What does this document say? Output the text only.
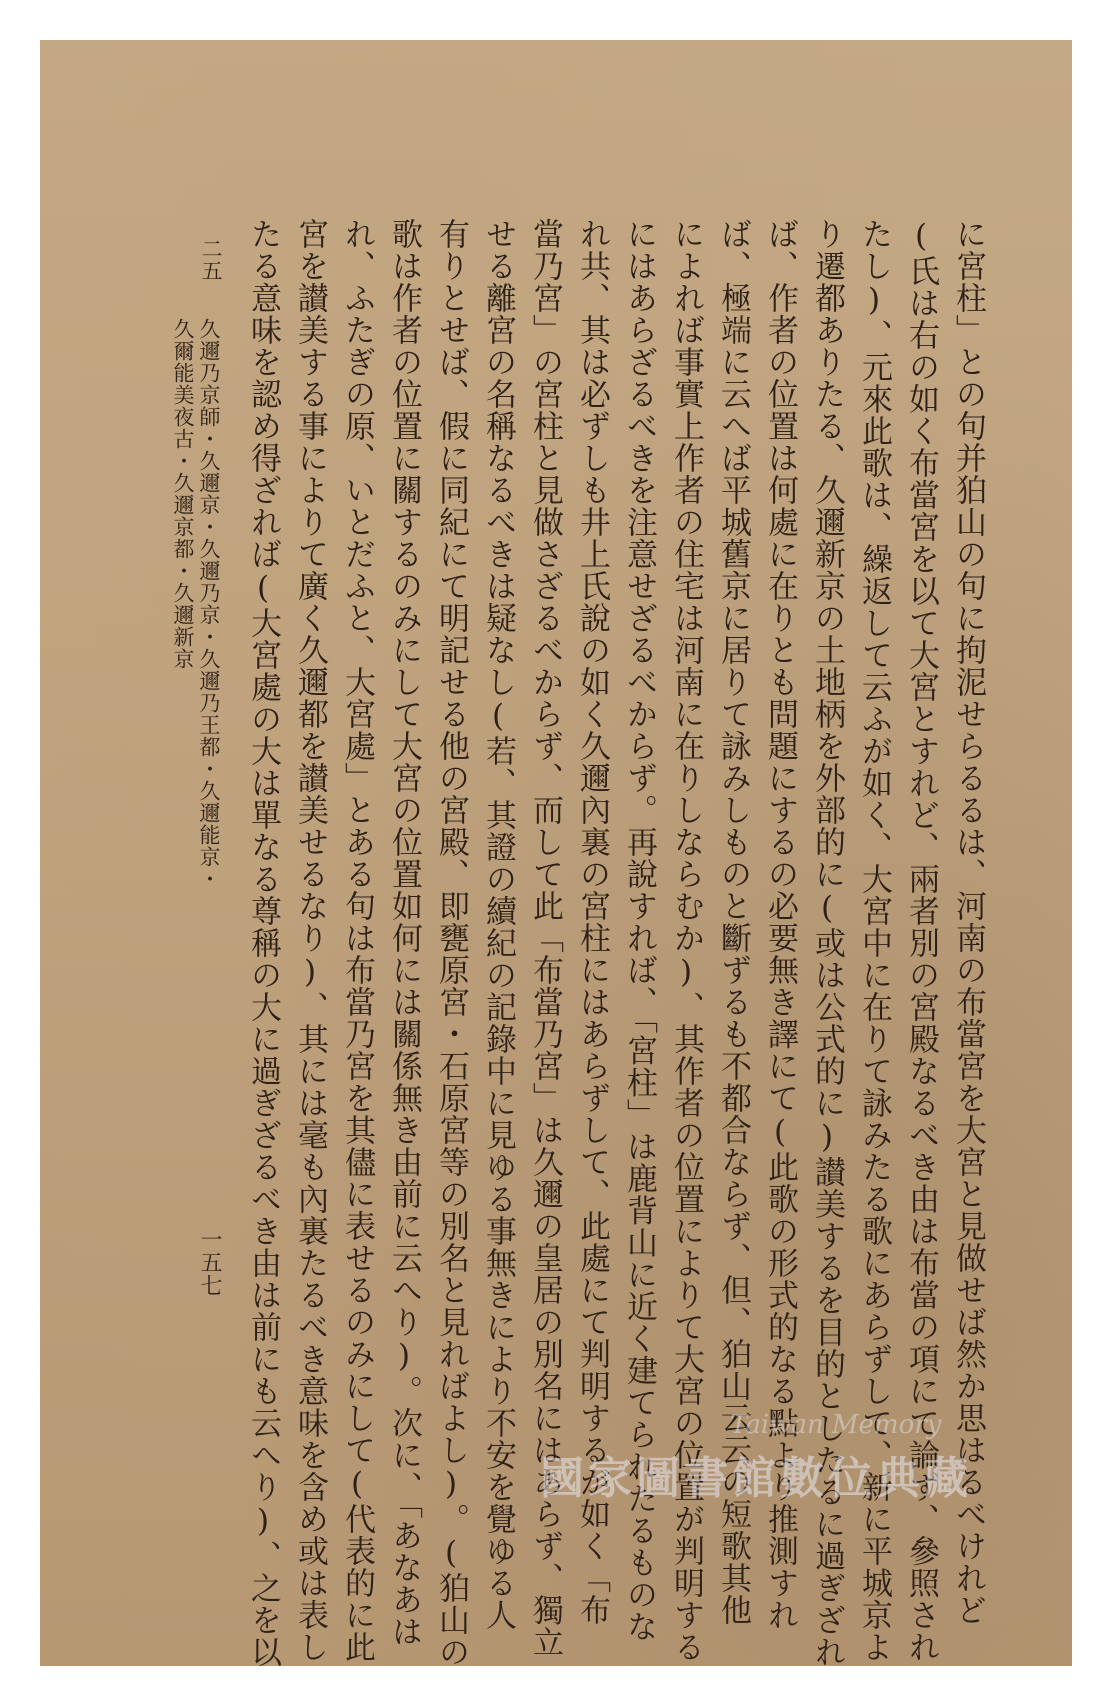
に宮柱」との句并狛山の句に拘泥せらるるは、河南の布當宮を大宮と見做せば然か思はるべけれど
(氏は右の如く布當宮を以て大宮とすれど、兩者別の宮殿なるべき由は布當の項にて論ず、參照され
たし)、元來此歌は、繰返して云ふが如く、大宮中に在りて詠みたる歌にあらずして、新に平城京よ
り遷都ありたる、久邇新京の土地柄を外部的に(或は公式的に)讃美するを目的としたるに過ぎざれ
ば、作者の位置は何處に在りとも問題にするの必要無き譯にて(此歌の形式的なる點より推測すれ
ば、極端に云へば平城舊京に居りて詠みしものと斷ずるも不都合ならず、但、狛山云云の短歌其他
によれば事實上作者の住宅は河南に在りしならむか)、其作者の位置によりて大宮の位置が判明する
にはあらざるべきを注意せざるべからず。再說すれば、「宮柱」は鹿背山に近く建てられたるものな
れ共、其は必ずしも井上氏說の如く久邇內裏の宮柱にはあらずして、此處にて判明するが如く「布
當乃宮」の宮柱と見做さざるべからず、而して此「布當乃宮」は久邇の皇居の別名にはあらず、獨立
せる離宮の名稱なるべきは疑なし(若、其證の續紀の記錄中に見ゆる事無きにより不安を覺ゆる人
有りとせば、假に同紀にて明記せる他の宮殿、即甕原宮・石原宮等の別名と見ればよし)。(狛山の
歌は作者の位置に關するのみにして大宮の位置如何には關係無き由前に云へり)。次に、「あなあは
れ、ふたぎの原、いとだふと、大宮處」とある句は布當乃宮を其儘に表せるのみにして(代表的に此
宮を讃美する事によりて廣く久邇都を讃美せるなり)、其には毫も內裏たるべき意味を含め或は表し
たる意味を認め得ざれば(大宮處の大は單なる尊稱の大に過ぎざるべき由は前にも云へり)、之を以
久邇乃京師・久邇京・久邇乃京・久邇乃王都・久邇能京・
久爾能美夜古・久邇京都・久邇新京
二五
一五七
Taiwan Memory
國家圖書館數位典藏
